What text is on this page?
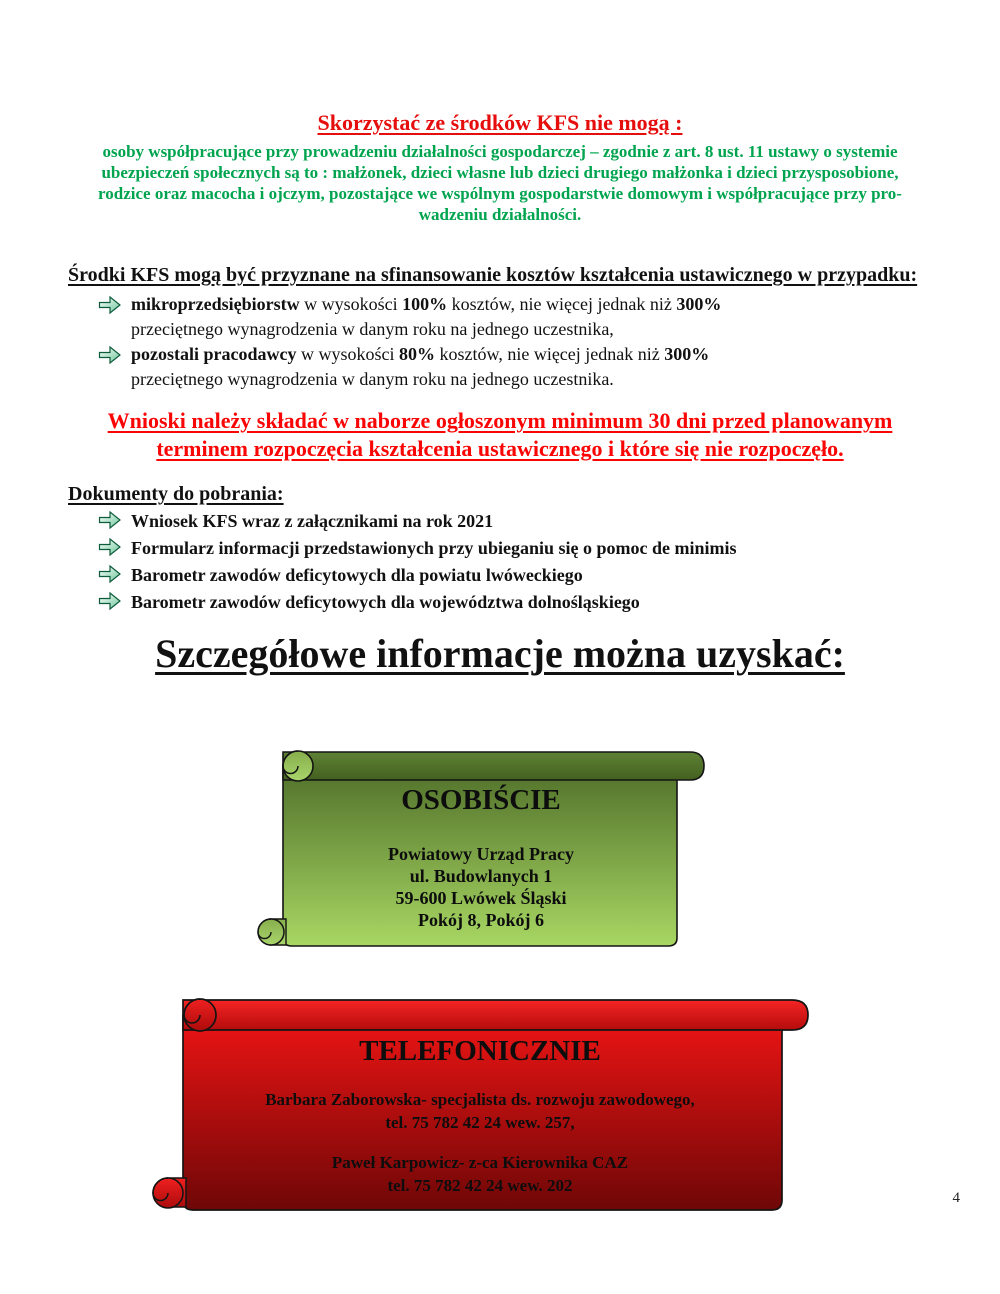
Skorzystać ze środków KFS nie mogą :
osoby współpracujące przy prowadzeniu działalności gospodarczej – zgodnie z art. 8 ust. 11 ustawy o systemie
ubezpieczeń społecznych są to : małżonek, dzieci własne lub dzieci drugiego małżonka i dzieci przysposobione,
rodzice oraz macocha i ojczym, pozostające we wspólnym gospodarstwie domowym i współpracujące przy pro-
wadzeniu działalności.
Środki KFS mogą być przyznane na sfinansowanie kosztów kształcenia ustawicznego w przypadku:
mikroprzedsiębiorstw w wysokości 100% kosztów, nie więcej jednak niż 300%
przeciętnego wynagrodzenia w danym roku na jednego uczestnika,
pozostali pracodawcy w wysokości 80% kosztów, nie więcej jednak niż 300%
przeciętnego wynagrodzenia w danym roku na jednego uczestnika.
Wnioski należy składać w naborze ogłoszonym minimum 30 dni przed planowanym
terminem rozpoczęcia kształcenia ustawicznego i które się nie rozpoczęło.
Dokumenty do pobrania:
Wniosek KFS wraz z załącznikami na rok 2021
Formularz informacji przedstawionych przy ubieganiu się o pomoc de minimis
Barometr zawodów deficytowych dla powiatu lwóweckiego
Barometr zawodów deficytowych dla województwa dolnośląskiego
Szczegółowe informacje można uzyskać:
OSOBIŚCIE
Powiatowy Urząd Pracy
ul. Budowlanych 1
59-600 Lwówek Śląski
Pokój 8, Pokój 6
TELEFONICZNIE
Barbara Zaborowska- specjalista ds. rozwoju zawodowego,
tel. 75 782 42 24 wew. 257,
Paweł Karpowicz- z-ca Kierownika CAZ
tel. 75 782 42 24 wew. 202
4
